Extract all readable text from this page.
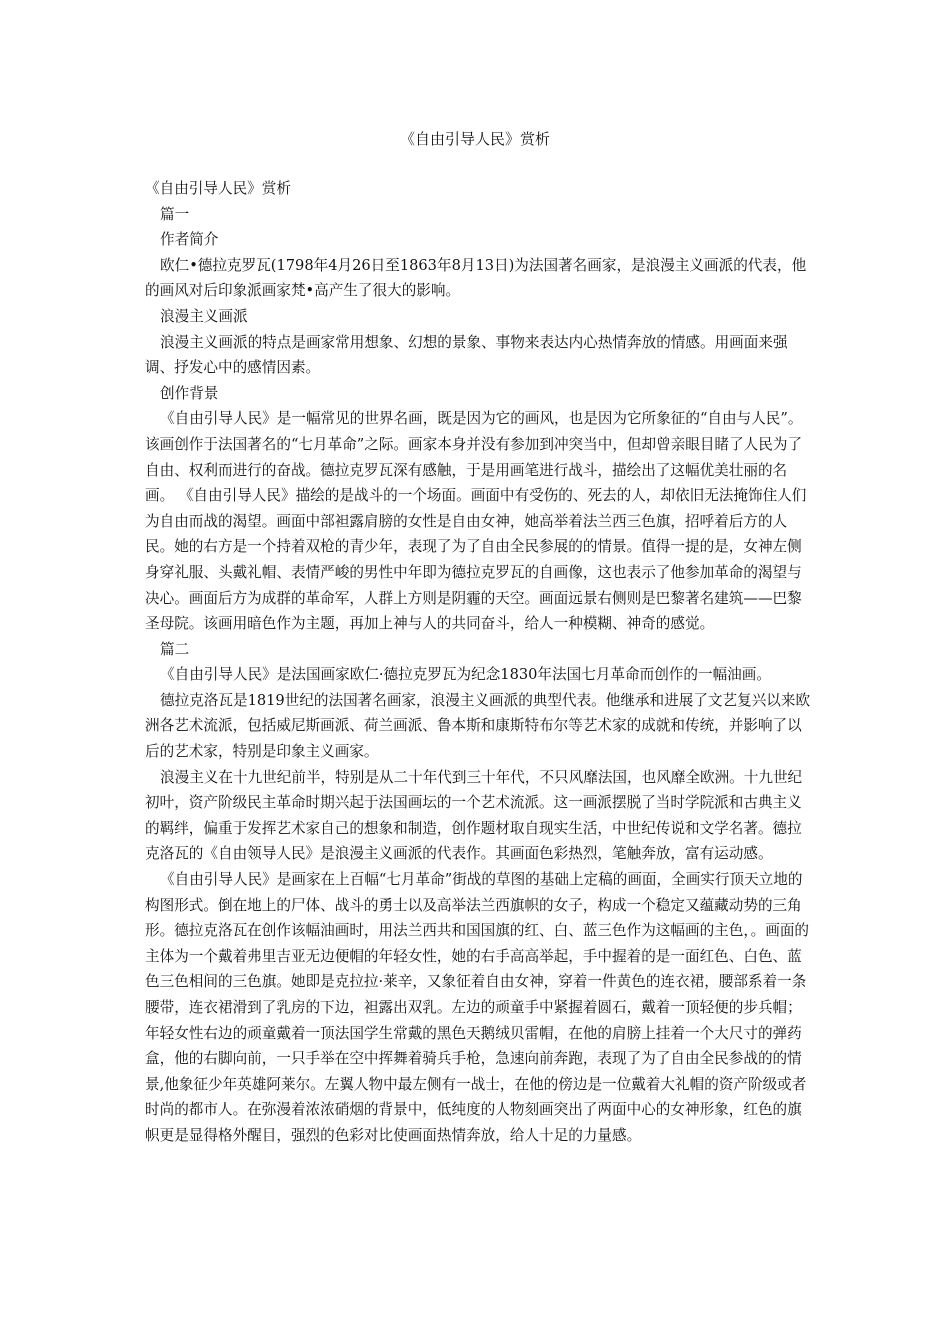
《自由引导人民》赏析

《自由引导人民》赏析

篇一

作者简介

欧仁•德拉克罗瓦(1798年4月26日至1863年8月13日)为法国著名画家，是浪漫主义画派的代表，他的画风对后印象派画家梵•高产生了很大的影响。

浪漫主义画派

浪漫主义画派的特点是画家常用想象、幻想的景象、事物来表达内心热情奔放的情感。用画面来强调、抒发心中的感情因素。

创作背景

《自由引导人民》是一幅常见的世界名画，既是因为它的画风，也是因为它所象征的“自由与人民”。该画创作于法国著名的“七月革命”之际。画家本身并没有参加到冲突当中，但却曾亲眼目睹了人民为了自由、权利而进行的奋战。德拉克罗瓦深有感触，于是用画笔进行战斗，描绘出了这幅优美壮丽的名画。 《自由引导人民》描绘的是战斗的一个场面。画面中有受伤的、死去的人，却依旧无法掩饰住人们为自由而战的渴望。画面中部袒露肩膀的女性是自由女神，她高举着法兰西三色旗，招呼着后方的人民。她的右方是一个持着双枪的青少年，表现了为了自由全民参展的的情景。值得一提的是，女神左侧身穿礼服、头戴礼帽、表情严峻的男性中年即为德拉克罗瓦的自画像，这也表示了他参加革命的渴望与决心。画面后方为成群的革命军，人群上方则是阴霾的天空。画面远景右侧则是巴黎著名建筑——巴黎圣母院。该画用暗色作为主题，再加上神与人的共同奋斗，给人一种模糊、神奇的感觉。

篇二

《自由引导人民》是法国画家欧仁·德拉克罗瓦为纪念1830年法国七月革命而创作的一幅油画。

德拉克洛瓦是1819世纪的法国著名画家，浪漫主义画派的典型代表。他继承和进展了文艺复兴以来欧洲各艺术流派，包括威尼斯画派、荷兰画派、鲁本斯和康斯特布尔等艺术家的成就和传统，并影响了以后的艺术家，特别是印象主义画家。

浪漫主义在十九世纪前半，特别是从二十年代到三十年代，不只风靡法国，也风靡全欧洲。十九世纪初叶，资产阶级民主革命时期兴起于法国画坛的一个艺术流派。这一画派摆脱了当时学院派和古典主义的羁绊，偏重于发挥艺术家自己的想象和制造，创作题材取自现实生活，中世纪传说和文学名著。德拉克洛瓦的《自由领导人民》是浪漫主义画派的代表作。其画面色彩热烈，笔触奔放，富有运动感。

《自由引导人民》是画家在上百幅“七月革命”街战的草图的基础上定稿的画面，全画实行顶天立地的构图形式。倒在地上的尸体、战斗的勇士以及高举法兰西旗帜的女子，构成一个稳定又蕴藏动势的三角形。德拉克洛瓦在创作该幅油画时，用法兰西共和国国旗的红、白、蓝三色作为这幅画的主色，。画面的主体为一个戴着弗里吉亚无边便帽的年轻女性，她的右手高高举起，手中握着的是一面红色、白色、蓝色三色相间的三色旗。她即是克拉拉·莱辛，又象征着自由女神，穿着一件黄色的连衣裙，腰部系着一条腰带，连衣裙滑到了乳房的下边，袒露出双乳。左边的顽童手中紧握着圆石，戴着一顶轻便的步兵帽；年轻女性右边的顽童戴着一顶法国学生常戴的黑色天鹅绒贝雷帽，在他的肩膀上挂着一个大尺寸的弹药盒，他的右脚向前，一只手举在空中挥舞着骑兵手枪，急速向前奔跑，表现了为了自由全民参战的的情景,他象征少年英雄阿莱尔。左翼人物中最左侧有一战士，在他的傍边是一位戴着大礼帽的资产阶级或者时尚的都市人。在弥漫着浓浓硝烟的背景中，低纯度的人物刻画突出了两面中心的女神形象，红色的旗帜更是显得格外醒目，强烈的色彩对比使画面热情奔放，给人十足的力量感。
